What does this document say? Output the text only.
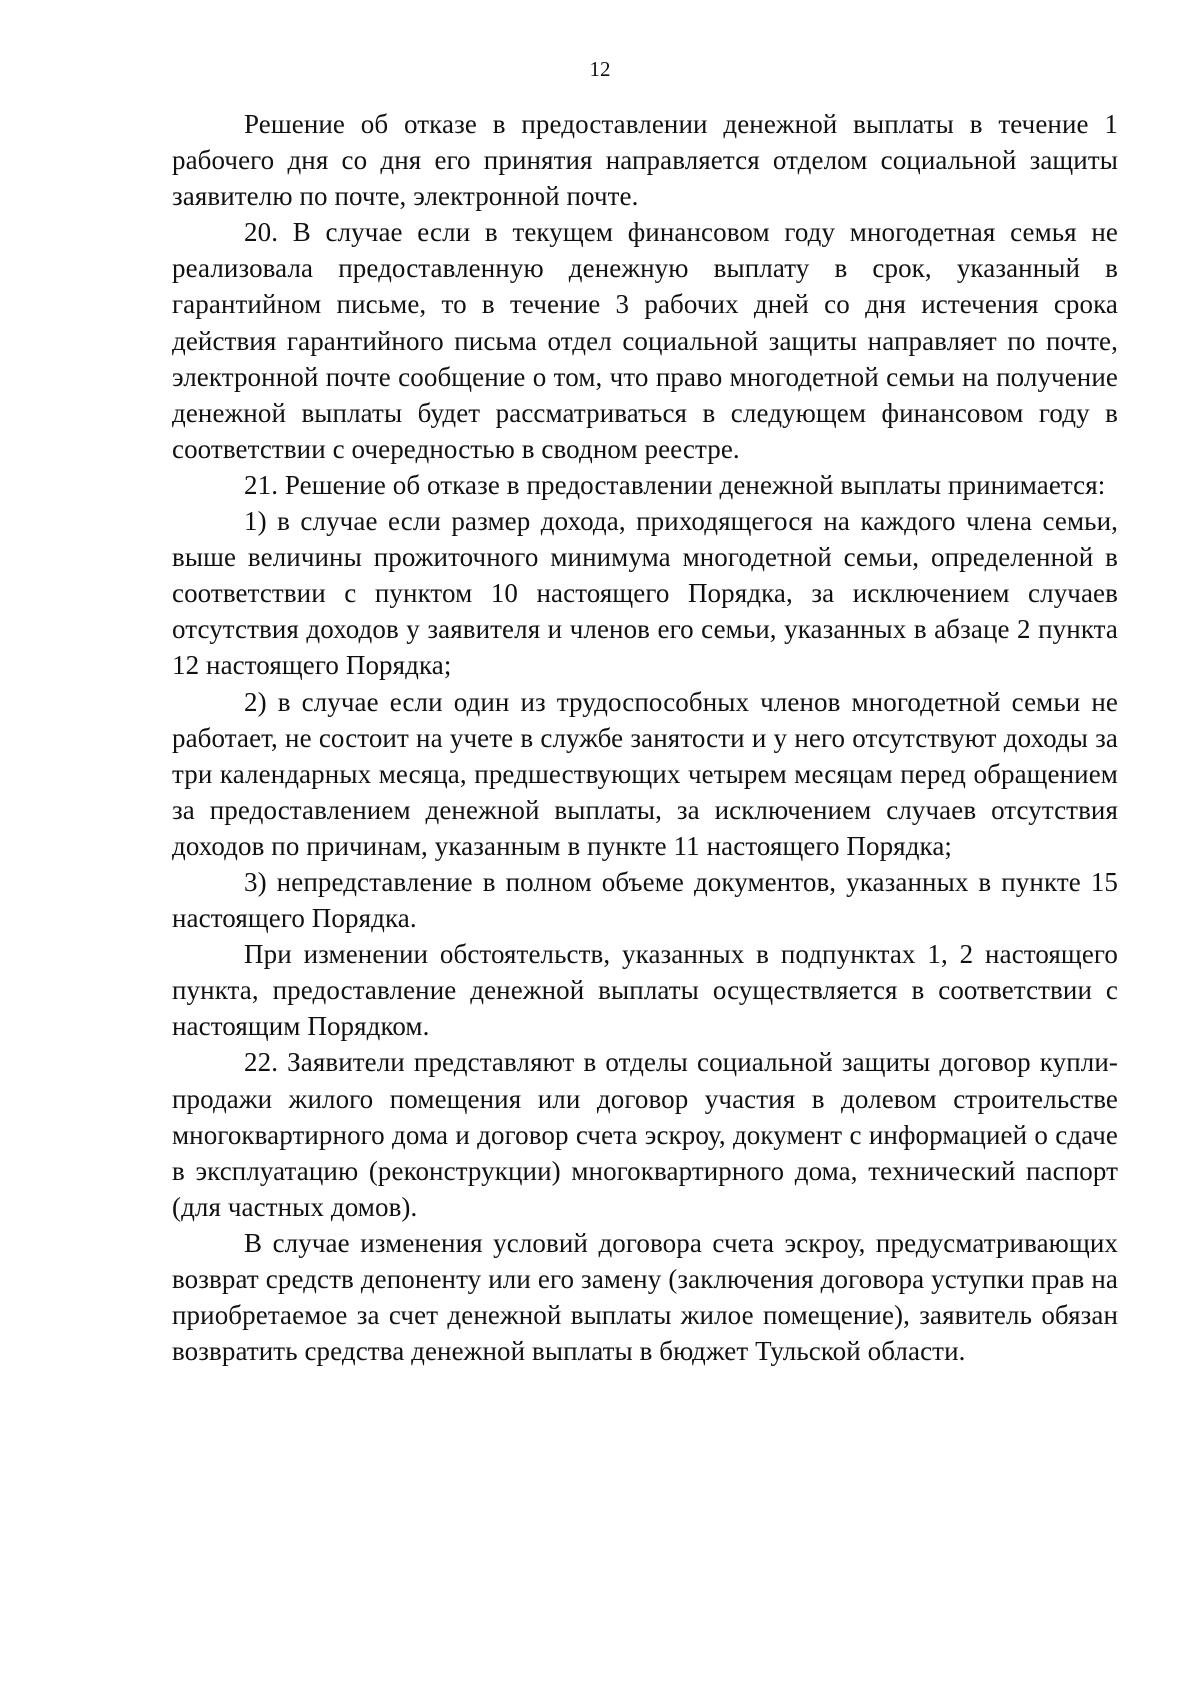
12

Решение об отказе в предоставлении денежной выплаты в течение 1 рабочего дня со дня его принятия направляется отделом социальной защиты заявителю по почте, электронной почте.

20. В случае если в текущем финансовом году многодетная семья не реализовала предоставленную денежную выплату в срок, указанный в гарантийном письме, то в течение 3 рабочих дней со дня истечения срока действия гарантийного письма отдел социальной защиты направляет по почте, электронной почте сообщение о том, что право многодетной семьи на получение денежной выплаты будет рассматриваться в следующем финансовом году в соответствии с очередностью в сводном реестре.

21. Решение об отказе в предоставлении денежной выплаты принимается:

1) в случае если размер дохода, приходящегося на каждого члена семьи, выше величины прожиточного минимума многодетной семьи, определенной в соответствии с пунктом 10 настоящего Порядка, за исключением случаев отсутствия доходов у заявителя и членов его семьи, указанных в абзаце 2 пункта 12 настоящего Порядка;

2) в случае если один из трудоспособных членов многодетной семьи не работает, не состоит на учете в службе занятости и у него отсутствуют доходы за три календарных месяца, предшествующих четырем месяцам перед обращением за предоставлением денежной выплаты, за исключением случаев отсутствия доходов по причинам, указанным в пункте 11 настоящего Порядка;

3) непредставление в полном объеме документов, указанных в пункте 15 настоящего Порядка.

При изменении обстоятельств, указанных в подпунктах 1, 2 настоящего пункта, предоставление денежной выплаты осуществляется в соответствии с настоящим Порядком.

22. Заявители представляют в отделы социальной защиты договор купли-продажи жилого помещения или договор участия в долевом строительстве многоквартирного дома и договор счета эскроу, документ с информацией о сдаче в эксплуатацию (реконструкции) многоквартирного дома, технический паспорт (для частных домов).

В случае изменения условий договора счета эскроу, предусматривающих возврат средств депоненту или его замену (заключения договора уступки прав на приобретаемое за счет денежной выплаты жилое помещение), заявитель обязан возвратить средства денежной выплаты в бюджет Тульской области.
